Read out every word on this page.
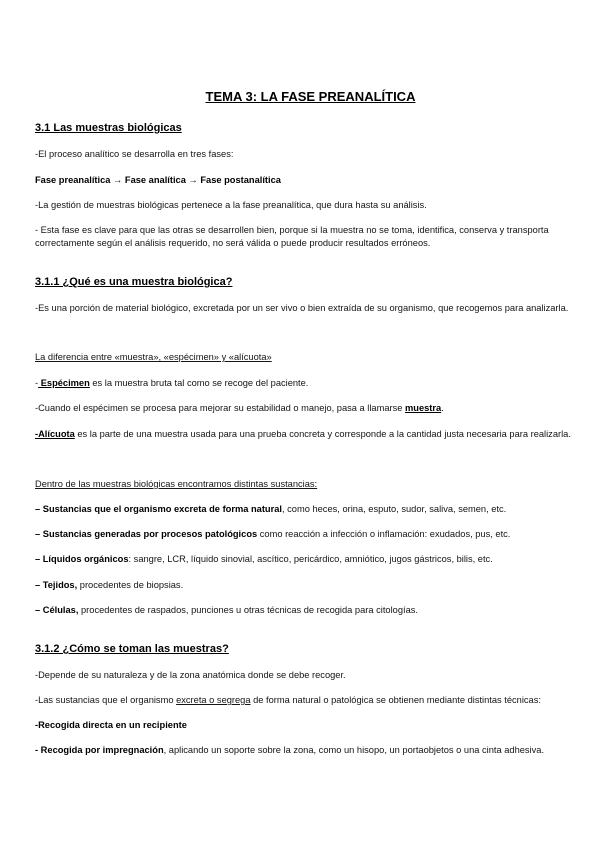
TEMA 3: LA FASE PREANALÍTICA
3.1 Las muestras biológicas
-El proceso analítico se desarrolla en tres fases:
Fase preanalítica → Fase analítica → Fase postanalítica
-La gestión de muestras biológicas pertenece a la fase preanalítica, que dura hasta su análisis.
- Esta fase es clave para que las otras se desarrollen bien, porque si la muestra no se toma, identifica, conserva y transporta correctamente según el análisis requerido, no será válida o puede producir resultados erróneos.
3.1.1 ¿Qué es una muestra biológica?
-Es una porción de material biológico, excretada por un ser vivo o bien extraída de su organismo, que recogemos para analizarla.
La diferencia entre «muestra», «espécimen» y «alícuota»
- Espécimen es la muestra bruta tal como se recoge del paciente.
-Cuando el espécimen se procesa para mejorar su estabilidad o manejo, pasa a llamarse muestra.
-Alícuota es la parte de una muestra usada para una prueba concreta y corresponde a la cantidad justa necesaria para realizarla.
Dentro de las muestras biológicas encontramos distintas sustancias:
– Sustancias que el organismo excreta de forma natural, como heces, orina, esputo, sudor, saliva, semen, etc.
– Sustancias generadas por procesos patológicos como reacción a infección o inflamación: exudados, pus, etc.
– Líquidos orgánicos: sangre, LCR, líquido sinovial, ascítico, pericárdico, amniótico, jugos gástricos, bilis, etc.
– Tejidos, procedentes de biopsias.
– Células, procedentes de raspados, punciones u otras técnicas de recogida para citologías.
3.1.2 ¿Cómo se toman las muestras?
-Depende de su naturaleza y de la zona anatómica donde se debe recoger.
-Las sustancias que el organismo excreta o segrega de forma natural o patológica se obtienen mediante distintas técnicas:
-Recogida directa en un recipiente
- Recogida por impregnación, aplicando un soporte sobre la zona, como un hisopo, un portaobjetos o una cinta adhesiva.
